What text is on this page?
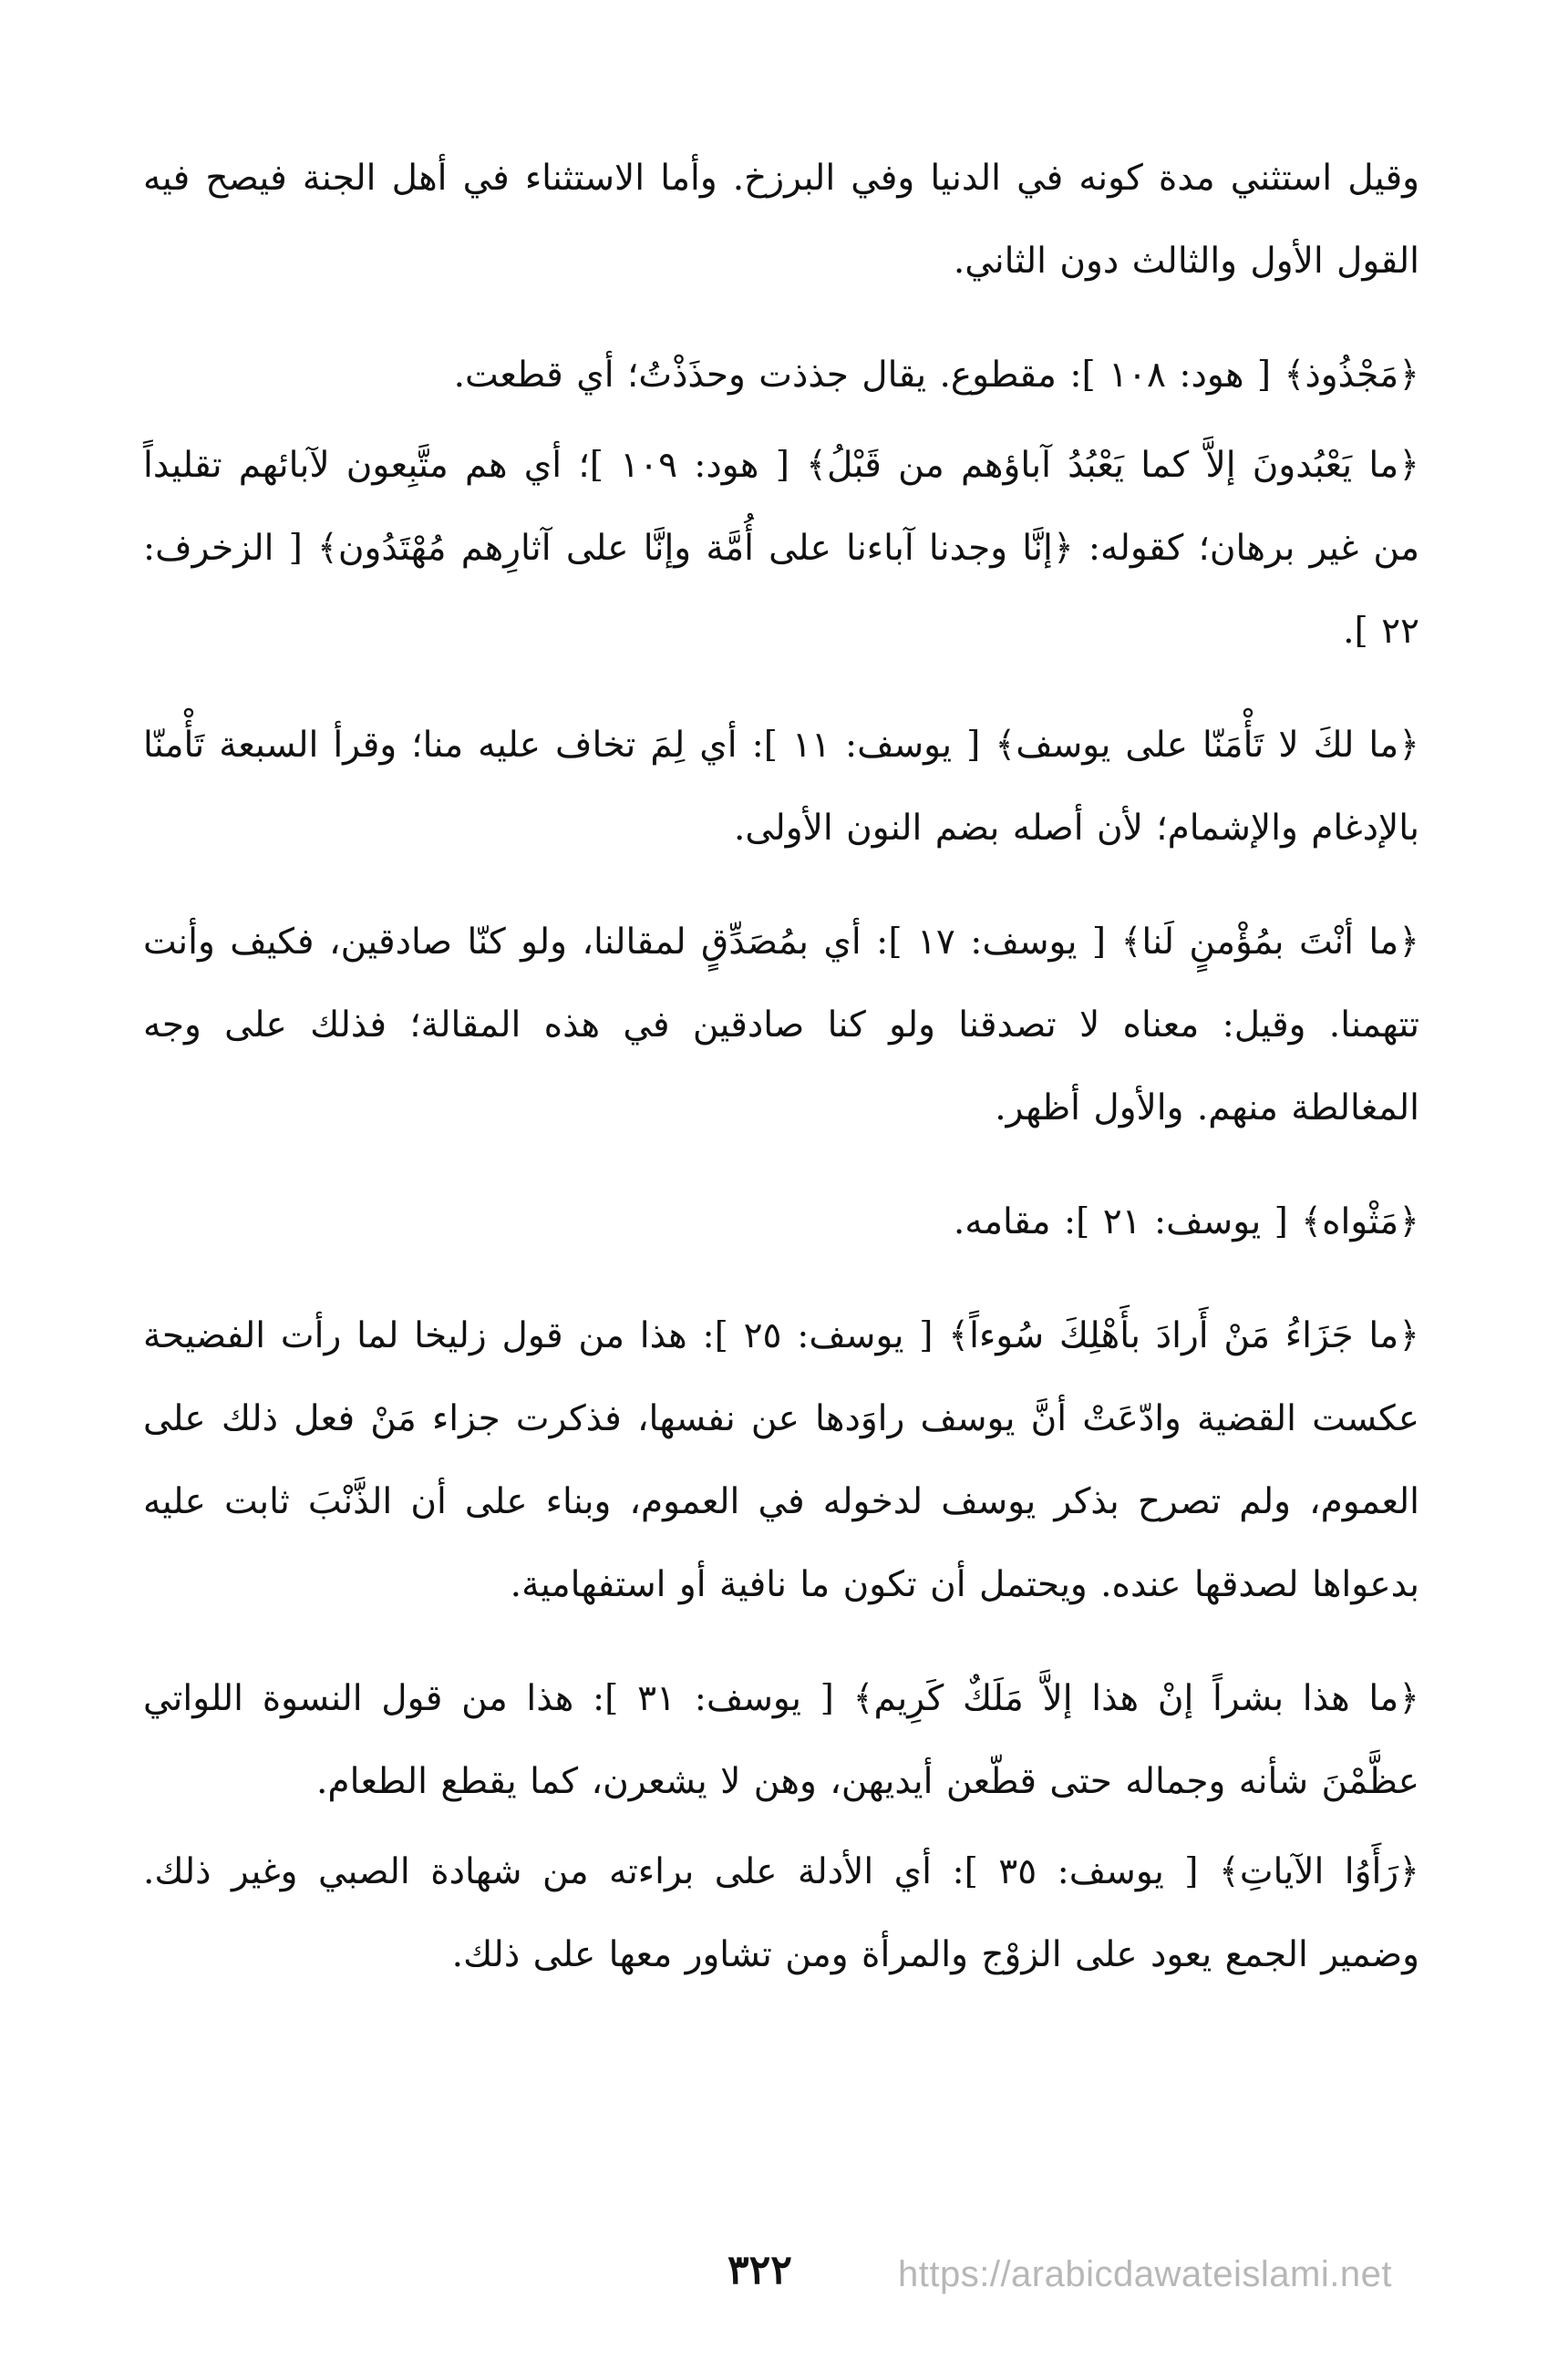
وقيل استثني مدة كونه في الدنيا وفي البرزخ. وأما الاستثناء في أهل الجنة فيصح فيه القول الأول والثالث دون الثاني.

﴿مَجْذُوذ﴾ [ هود: ١٠٨ ]: مقطوع. يقال جذذت وحذَذْتُ؛ أي قطعت.

﴿ما يَعْبُدونَ إلاَّ كما يَعْبُدُ آباؤهم من قَبْلُ﴾ [ هود: ١٠٩ ]؛ أي هم متَّبِعون لآبائهم تقليداً من غير برهان؛ كقوله: ﴿إنَّا وجدنا آباءنا على أُمَّة وإنَّا على آثارِهم مُهْتَدُون﴾ [ الزخرف: ٢٢ ].

﴿ما لكَ لا تَأْمَنّا على يوسف﴾ [ يوسف: ١١ ]: أي لِمَ تخاف عليه منا؛ وقرأ السبعة تَأْمنّا بالإدغام والإشمام؛ لأن أصله بضم النون الأولى.

﴿ما أنْتَ بمُؤْمنٍ لَنا﴾ [ يوسف: ١٧ ]: أي بمُصَدِّقٍ لمقالنا، ولو كنّا صادقين، فكيف وأنت تتهمنا. وقيل: معناه لا تصدقنا ولو كنا صادقين في هذه المقالة؛ فذلك على وجه المغالطة منهم. والأول أظهر.

﴿مَثْواه﴾ [ يوسف: ٢١ ]: مقامه.

﴿ما جَزَاءُ مَنْ أَرادَ بأَهْلِكَ سُوءاً﴾ [ يوسف: ٢٥ ]: هذا من قول زليخا لما رأت الفضيحة عكست القضية وادّعَتْ أنَّ يوسف راوَدها عن نفسها، فذكرت جزاء مَنْ فعل ذلك على العموم، ولم تصرح بذكر يوسف لدخوله في العموم، وبناء على أن الذَّنْبَ ثابت عليه بدعواها لصدقها عنده. ويحتمل أن تكون ما نافية أو استفهامية.

﴿ما هذا بشراً إنْ هذا إلاَّ مَلَكٌ كَرِيم﴾ [ يوسف: ٣١ ]: هذا من قول النسوة اللواتي عظَّمْنَ شأنه وجماله حتى قطّعن أيديهن، وهن لا يشعرن، كما يقطع الطعام.

﴿رَأَوُا الآياتِ﴾ [ يوسف: ٣٥ ]: أي الأدلة على براءته من شهادة الصبي وغير ذلك. وضمير الجمع يعود على الزوْج والمرأة ومن تشاور معها على ذلك.

٣٢٢	https://arabicdawateislami.net
